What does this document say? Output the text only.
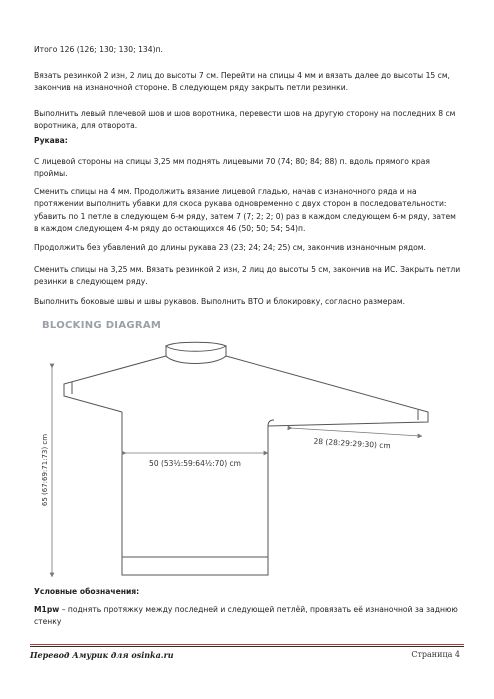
Итого 126 (126; 130; 130; 134)п.

Вязать резинкой 2 изн, 2 лиц до высоты 7 см. Перейти на спицы 4 мм и вязать далее до высоты 15 см, закончив на изнаночной стороне. В следующем ряду закрыть петли резинки.

Выполнить левый плечевой шов и шов воротника, перевести шов на другую сторону на последних 8 см воротника, для отворота.

Рукава:

С лицевой стороны на спицы 3,25 мм поднять лицевыми 70 (74; 80; 84; 88) п. вдоль прямого края проймы.

Сменить спицы на 4 мм. Продолжить вязание лицевой гладью, начав с изнаночного ряда и на протяжении выполнить убавки для скоса рукава одновременно с двух сторон в последовательности: убавить по 1 петле в следующем 6-м ряду, затем 7 (7; 2; 2; 0) раз в каждом следующем 6-м ряду, затем в каждом следующем 4-м ряду до остающихся 46 (50; 50; 54; 54)п.

Продолжить без убавлений до длины рукава 23 (23; 24; 24; 25) см, закончив изнаночным рядом.

Сменить спицы на 3,25 мм. Вязать резинкой 2 изн, 2 лиц до высоты 5 см, закончив на ИС. Закрыть петли резинки в следующем ряду.

Выполнить боковые швы и швы рукавов. Выполнить ВТО и блокировку, согласно размерам.

BLOCKING DIAGRAM
50 (53½:59:64½:70) cm
65 (67:69:71:73) cm	28 (28:29:29:30) cm

Условные обозначения:

M1pw – поднять протяжку между последней и следующей петлёй, провязать её изнаночной за заднюю стенку

Перевод Амурик для osinka.ru	Страница 4
